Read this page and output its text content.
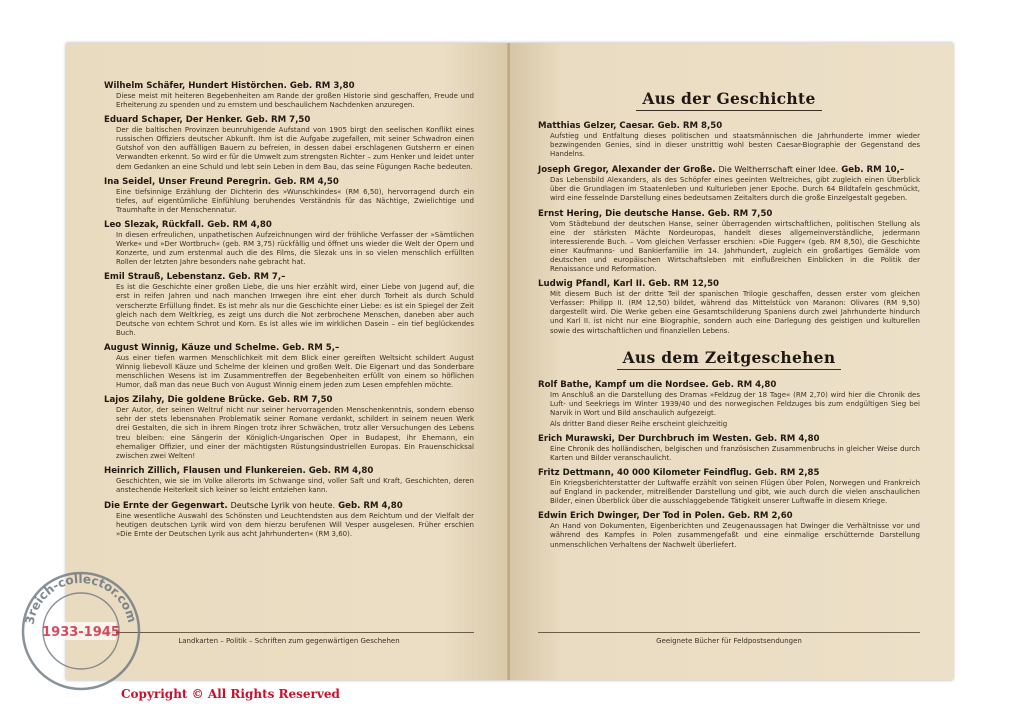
Wilhelm Schäfer, Hundert Histörchen. Geb. RM 3,80

Diese meist mit heiteren Begebenheiten am Rande der großen Historie sind geschaffen, Freude und Erheiterung zu spenden und zu ernstem und beschaulichem Nachdenken anzuregen.

Eduard Schaper, Der Henker. Geb. RM 7,50

Der die baltischen Provinzen beunruhigende Aufstand von 1905 birgt den seelischen Konflikt eines russischen Offiziers deutscher Abkunft. Ihm ist die Aufgabe zugefallen, mit seiner Schwadron einen Gutshof von den auffälligen Bauern zu befreien, in dessen dabei erschlagenen Gutsherrn er einen Verwandten erkennt. So wird er für die Umwelt zum strengsten Richter – zum Henker und leidet unter dem Gedanken an eine Schuld und lebt sein Leben in dem Bau, das seine Fügungen Rache bedeuten.

Ina Seidel, Unser Freund Peregrin. Geb. RM 4,50

Eine tiefsinnige Erzählung der Dichterin des »Wunschkindes« (RM 6,50), hervorragend durch ein tiefes, auf eigentümliche Einfühlung beruhendes Verständnis für das Nächtige, Zwielichtige und Traumhafte in der Menschennatur.

Leo Slezak, Rückfall. Geb. RM 4,80

In diesen erfreulichen, unpathetischen Aufzeichnungen wird der fröhliche Verfasser der »Sämtlichen Werke« und »Der Wortbruch« (geb. RM 3,75) rückfällig und öffnet uns wieder die Welt der Opern und Konzerte, und zum erstenmal auch die des Films, die Slezak uns in so vielen menschlich erfüllten Rollen der letzten Jahre besonders nahe gebracht hat.

Emil Strauß, Lebenstanz. Geb. RM 7,–

Es ist die Geschichte einer großen Liebe, die uns hier erzählt wird, einer Liebe von Jugend auf, die erst in reifen Jahren und nach manchen Irrwegen ihre eint eher durch Torheit als durch Schuld verscherzte Erfüllung findet. Es ist mehr als nur die Geschichte einer Liebe: es ist ein Spiegel der Zeit gleich nach dem Weltkrieg, es zeigt uns durch die Not zerbrochene Menschen, daneben aber auch Deutsche von echtem Schrot und Korn. Es ist alles wie im wirklichen Dasein – ein tief beglückendes Buch.

August Winnig, Käuze und Schelme. Geb. RM 5,–

Aus einer tiefen warmen Menschlichkeit mit dem Blick einer gereiften Weltsicht schildert August Winnig liebevoll Käuze und Schelme der kleinen und großen Welt. Die Eigenart und das Sonderbare menschlichen Wesens ist im Zusammentreffen der Begebenheiten erfüllt von einem so höflichen Humor, daß man das neue Buch von August Winnig einem jeden zum Lesen empfehlen möchte.

Lajos Zilahy, Die goldene Brücke. Geb. RM 7,50

Der Autor, der seinen Weltruf nicht nur seiner hervorragenden Menschenkenntnis, sondern ebenso sehr der stets lebensnahen Problematik seiner Romane verdankt, schildert in seinem neuen Werk drei Gestalten, die sich in ihrem Ringen trotz ihrer Schwächen, trotz aller Versuchungen des Lebens treu bleiben: eine Sängerin der Königlich-Ungarischen Oper in Budapest, ihr Ehemann, ein ehemaliger Offizier, und einer der mächtigsten Rüstungsindustriellen Europas. Ein Frauenschicksal zwischen zwei Welten!

Heinrich Zillich, Flausen und Flunkereien. Geb. RM 4,80

Geschichten, wie sie im Volke allerorts im Schwange sind, voller Saft und Kraft, Geschichten, deren anstechende Heiterkeit sich keiner so leicht entziehen kann.

Die Ernte der Gegenwart. Deutsche Lyrik von heute. Geb. RM 4,80

Eine wesentliche Auswahl des Schönsten und Leuchtendsten aus dem Reichtum und der Vielfalt der heutigen deutschen Lyrik wird von dem hierzu berufenen Will Vesper ausgelesen. Früher erschien »Die Ernte der Deutschen Lyrik aus acht Jahrhunderten« (RM 3,60).

Landkarten – Politik – Schriften zum gegenwärtigen Geschehen
Aus der Geschichte
Matthias Gelzer, Caesar. Geb. RM 8,50

Aufstieg und Entfaltung dieses politischen und staatsmännischen die Jahrhunderte immer wieder bezwingenden Genies, sind in dieser unstrittig wohl besten Caesar-Biographie der Gegenstand des Handelns.

Joseph Gregor, Alexander der Große. Die Weltherrschaft einer Idee. Geb. RM 10,–

Das Lebensbild Alexanders, als des Schöpfer eines geeinten Weltreiches, gibt zugleich einen Überblick über die Grundlagen im Staatenleben und Kulturleben jener Epoche. Durch 64 Bildtafeln geschmückt, wird eine fesselnde Darstellung eines bedeutsamen Zeitalters durch die große Einzelgestalt gegeben.

Ernst Hering, Die deutsche Hanse. Geb. RM 7,50

Vom Städtebund der deutschen Hanse, seiner überragenden wirtschaftlichen, politischen Stellung als eine der stärksten Mächte Nordeuropas, handelt dieses allgemeinverständliche, jedermann interessierende Buch. – Vom gleichen Verfasser erschien: »Die Fugger« (geb. RM 8,50), die Geschichte einer Kaufmanns- und Bankierfamilie im 14. Jahrhundert, zugleich ein großartiges Gemälde vom deutschen und europäischen Wirtschaftsleben mit einflußreichen Einblicken in die Politik der Renaissance und Reformation.

Ludwig Pfandl, Karl II. Geb. RM 12,50

Mit diesem Buch ist der dritte Teil der spanischen Trilogie geschaffen, dessen erster vom gleichen Verfasser: Philipp II. (RM 12,50) bildet, während das Mittelstück von Maranon: Olivares (RM 9,50) dargestellt wird. Die Werke geben eine Gesamtschilderung Spaniens durch zwei Jahrhunderte hindurch und Karl II. ist nicht nur eine Biographie, sondern auch eine Darlegung des geistigen und kulturellen sowie des wirtschaftlichen und finanziellen Lebens.

Aus dem Zeitgeschehen
Rolf Bathe, Kampf um die Nordsee. Geb. RM 4,80

Im Anschluß an die Darstellung des Dramas »Feldzug der 18 Tage« (RM 2,70) wird hier die Chronik des Luft- und Seekriegs im Winter 1939/40 und des norwegischen Feldzuges bis zum endgültigen Sieg bei Narvik in Wort und Bild anschaulich aufgezeigt.

Als dritter Band dieser Reihe erscheint gleichzeitig
Erich Murawski, Der Durchbruch im Westen. Geb. RM 4,80

Eine Chronik des holländischen, belgischen und französischen Zusammenbruchs in gleicher Weise durch Karten und Bilder veranschaulicht.

Fritz Dettmann, 40 000 Kilometer Feindflug. Geb. RM 2,85

Ein Kriegsberichterstatter der Luftwaffe erzählt von seinen Flügen über Polen, Norwegen und Frankreich auf England in packender, mitreißender Darstellung und gibt, wie auch durch die vielen anschaulichen Bilder, einen Überblick über die ausschlaggebende Tätigkeit unserer Luftwaffe in diesem Kriege.

Edwin Erich Dwinger, Der Tod in Polen. Geb. RM 2,60

An Hand von Dokumenten, Eigenberichten und Zeugenaussagen hat Dwinger die Verhältnisse vor und während des Kampfes in Polen zusammengefaßt und eine einmalige erschütternde Darstellung unmenschlichen Verhaltens der Nachwelt überliefert.

Geeignete Bücher für Feldpostsendungen
3reich-collector.com
1933-1945
Copyright © All Rights Reserved
